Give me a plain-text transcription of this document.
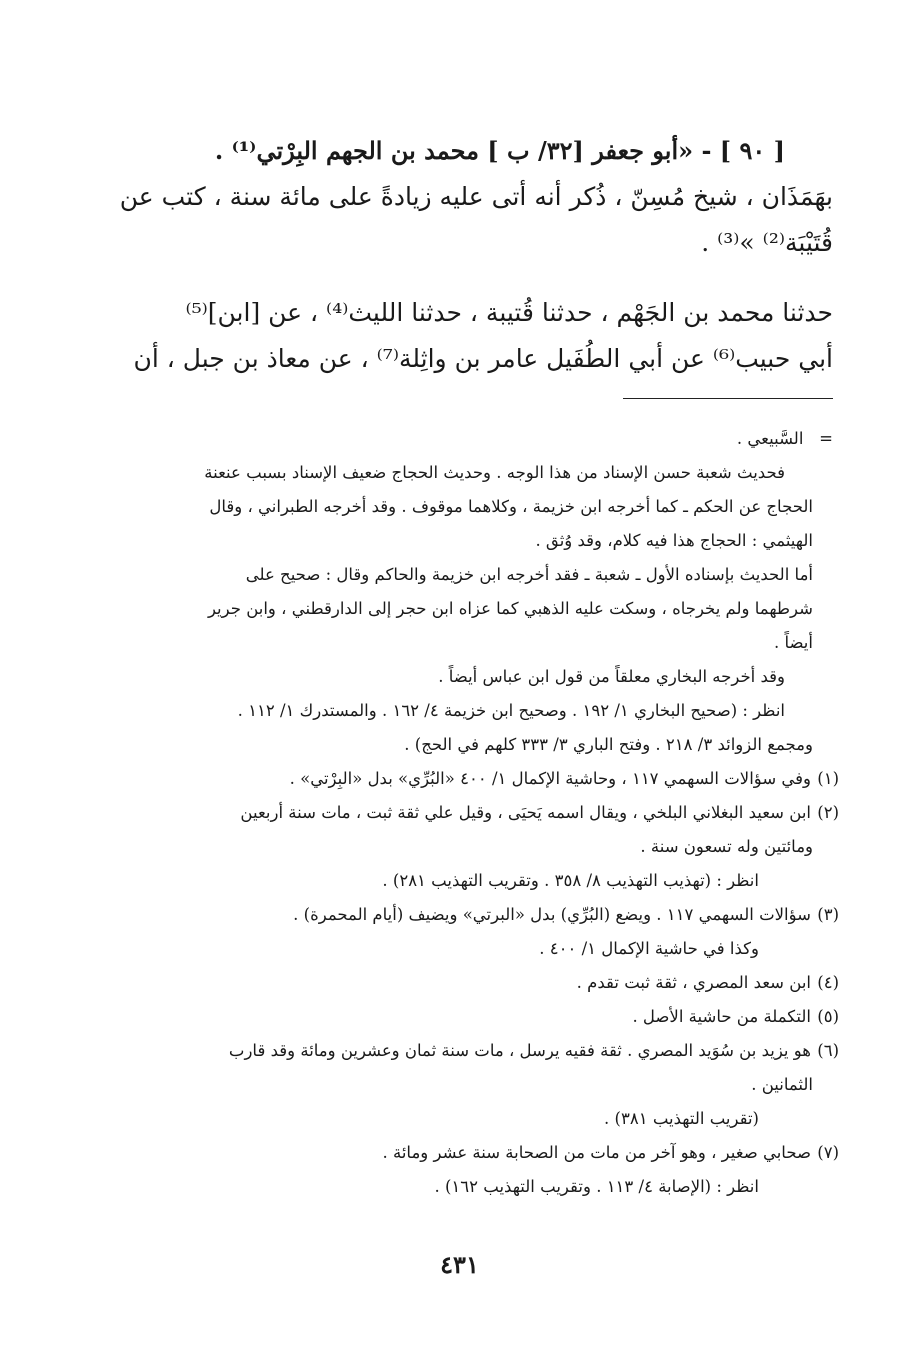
[ ٩٠ ] - «أبو جعفر [٣٢/ ب ] محمد بن الجهم البِرْتي⁽¹⁾ .

بهَمَذَان ، شيخ مُسِنّ ، ذُكر أنه أتى عليه زيادةً على مائة سنة ، كتب عن

قُتَيْبَة⁽²⁾ »⁽³⁾ .

حدثنا محمد بن الجَهْم ، حدثنا قُتيبة ، حدثنا الليث⁽⁴⁾ ، عن [ابن]⁽⁵⁾

أبي حبيب⁽⁶⁾ عن أبي الطُفَيل عامر بن واثِلة⁽⁷⁾ ، عن معاذ بن جبل ، أن

=   السَّبيعي .

فحديث شعبة حسن الإسناد من هذا الوجه . وحديث الحجاج ضعيف الإسناد بسبب عنعنة

الحجاج عن الحكم ـ كما أخرجه ابن خزيمة ، وكلاهما موقوف . وقد أخرجه الطبراني ، وقال

الهيثمي : الحجاج هذا فيه كلام، وقد وُثق .

أما الحديث بإسناده الأول ـ شعبة ـ فقد أخرجه ابن خزيمة والحاكم وقال : صحيح على

شرطهما ولم يخرجاه ، وسكت عليه الذهبي كما عزاه ابن حجر إلى الدارقطني ، وابن جرير

أيضاً .

وقد أخرجه البخاري معلقاً من قول ابن عباس أيضاً .

انظر : (صحيح البخاري ١/ ١٩٢ . وصحيح ابن خزيمة ٤/ ١٦٢ . والمستدرك ١/ ١١٢ .

ومجمع الزوائد ٣/ ٢١٨ . وفتح الباري ٣/ ٣٣٣ كلهم في الحج) .

(١)وفي سؤالات السهمي ١١٧ ، وحاشية الإكمال ١/ ٤٠٠ «البُرِّي» بدل «البِرْتي» .

(٢)ابن سعيد البغلاني البلخي ، ويقال اسمه يَحيَى ، وقيل علي ثقة ثبت ، مات سنة أربعين

ومائتين وله تسعون سنة .

انظر : (تهذيب التهذيب ٨/ ٣٥٨ . وتقريب التهذيب ٢٨١) .

(٣)سؤالات السهمي ١١٧ . ويضع (البُرِّي) بدل «البرتي» ويضيف (أيام المحمرة) .

وكذا في حاشية الإكمال ١/ ٤٠٠ .

(٤)ابن سعد المصري ، ثقة ثبت تقدم .

(٥)التكملة من حاشية الأصل .

(٦)هو يزيد بن سُوَيد المصري . ثقة فقيه يرسل ، مات سنة ثمان وعشرين ومائة وقد قارب

الثمانين .

(تقريب التهذيب ٣٨١) .

(٧)صحابي صغير ، وهو آخر من مات من الصحابة سنة عشر ومائة .

انظر : (الإصابة ٤/ ١١٣ . وتقريب التهذيب ١٦٢) .

٤٣١
